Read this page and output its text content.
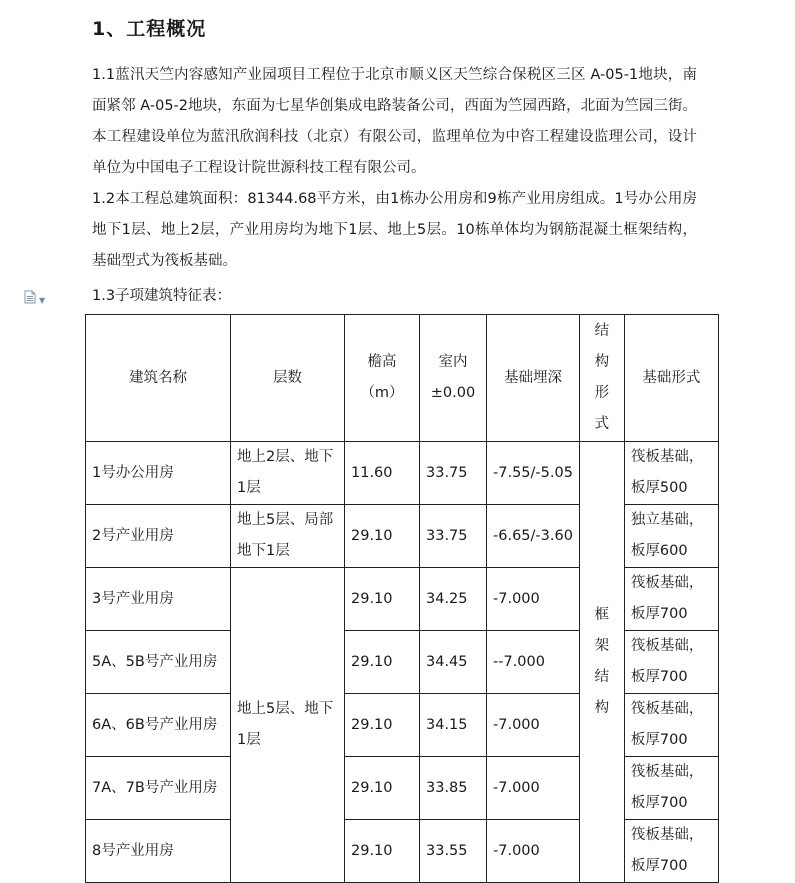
1、工程概况
1.1蓝汛天竺内容感知产业园项目工程位于北京市顺义区天竺综合保税区三区 A-05-1地块，南面紧邻 A-05-2地块，东面为七星华创集成电路装备公司，西面为竺园西路，北面为竺园三街。本工程建设单位为蓝汛欣润科技（北京）有限公司，监理单位为中咨工程建设监理公司，设计单位为中国电子工程设计院世源科技工程有限公司。
1.2本工程总建筑面积：81344.68平方米，由1栋办公用房和9栋产业用房组成。1号办公用房地下1层、地上2层，产业用房均为地下1层、地上5层。10栋单体均为钢筋混凝土框架结构，基础型式为筏板基础。
1.3子项建筑特征表：
▼
建筑名称	层数	檐高（m）	室内±0.00	基础埋深	结构形式	基础形式
1号办公用房	地上2层、地下1层	11.60	33.75	-7.55/-5.05	框架结构	筏板基础，板厚500
2号产业用房	地上5层、局部地下1层	29.10	33.75	-6.65/-3.60		独立基础，板厚600
3号产业用房	地上5层、地下1层	29.10	34.25	-7.000		筏板基础，板厚700
5A、5B号产业用房		29.10	34.45	--7.000		筏板基础，板厚700
6A、6B号产业用房		29.10	34.15	-7.000		筏板基础，板厚700
7A、7B号产业用房		29.10	33.85	-7.000		筏板基础，板厚700
8号产业用房		29.10	33.55	-7.000		筏板基础，板厚700
